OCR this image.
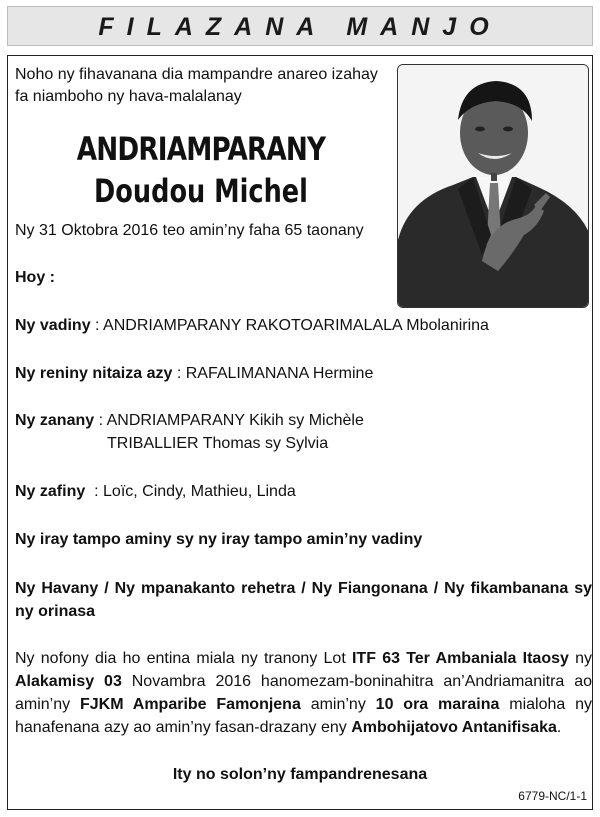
FILAZANA MANJO

Noho ny fihavanana dia mampandre anareo izahay

fa niamboho ny hava-malalanay

ANDRIAMPARANY
Doudou Michel

Ny 31 Oktobra 2016 teo amin’ny faha 65 taonany

Hoy :

Ny vadiny : ANDRIAMPARANY RAKOTOARIMALALA Mbolanirina

Ny reniny nitaiza azy : RAFALIMANANA Hermine

Ny zanany : ANDRIAMPARANY Kikih sy Michèle

TRIBALLIER Thomas sy Sylvia

Ny zafiny  : Loïc, Cindy, Mathieu, Linda

Ny iray tampo aminy sy ny iray tampo amin’ny vadiny

Ny Havany / Ny mpanakanto rehetra / Ny Fiangonana / Ny fikambanana sy ny orinasa

Ny nofony dia ho entina miala ny tranony Lot ITF 63 Ter Ambaniala Itaosy ny Alakamisy 03 Novambra 2016 hanomezam-boninahitra an’Andriamanitra ao amin’ny FJKM Amparibe Famonjena amin’ny 10 ora maraina mialoha ny hanafenana azy ao amin’ny fasan-drazany eny Ambohijatovo Antanifisaka.

Ity no solon’ny fampandrenesana

6779-NC/1-1
